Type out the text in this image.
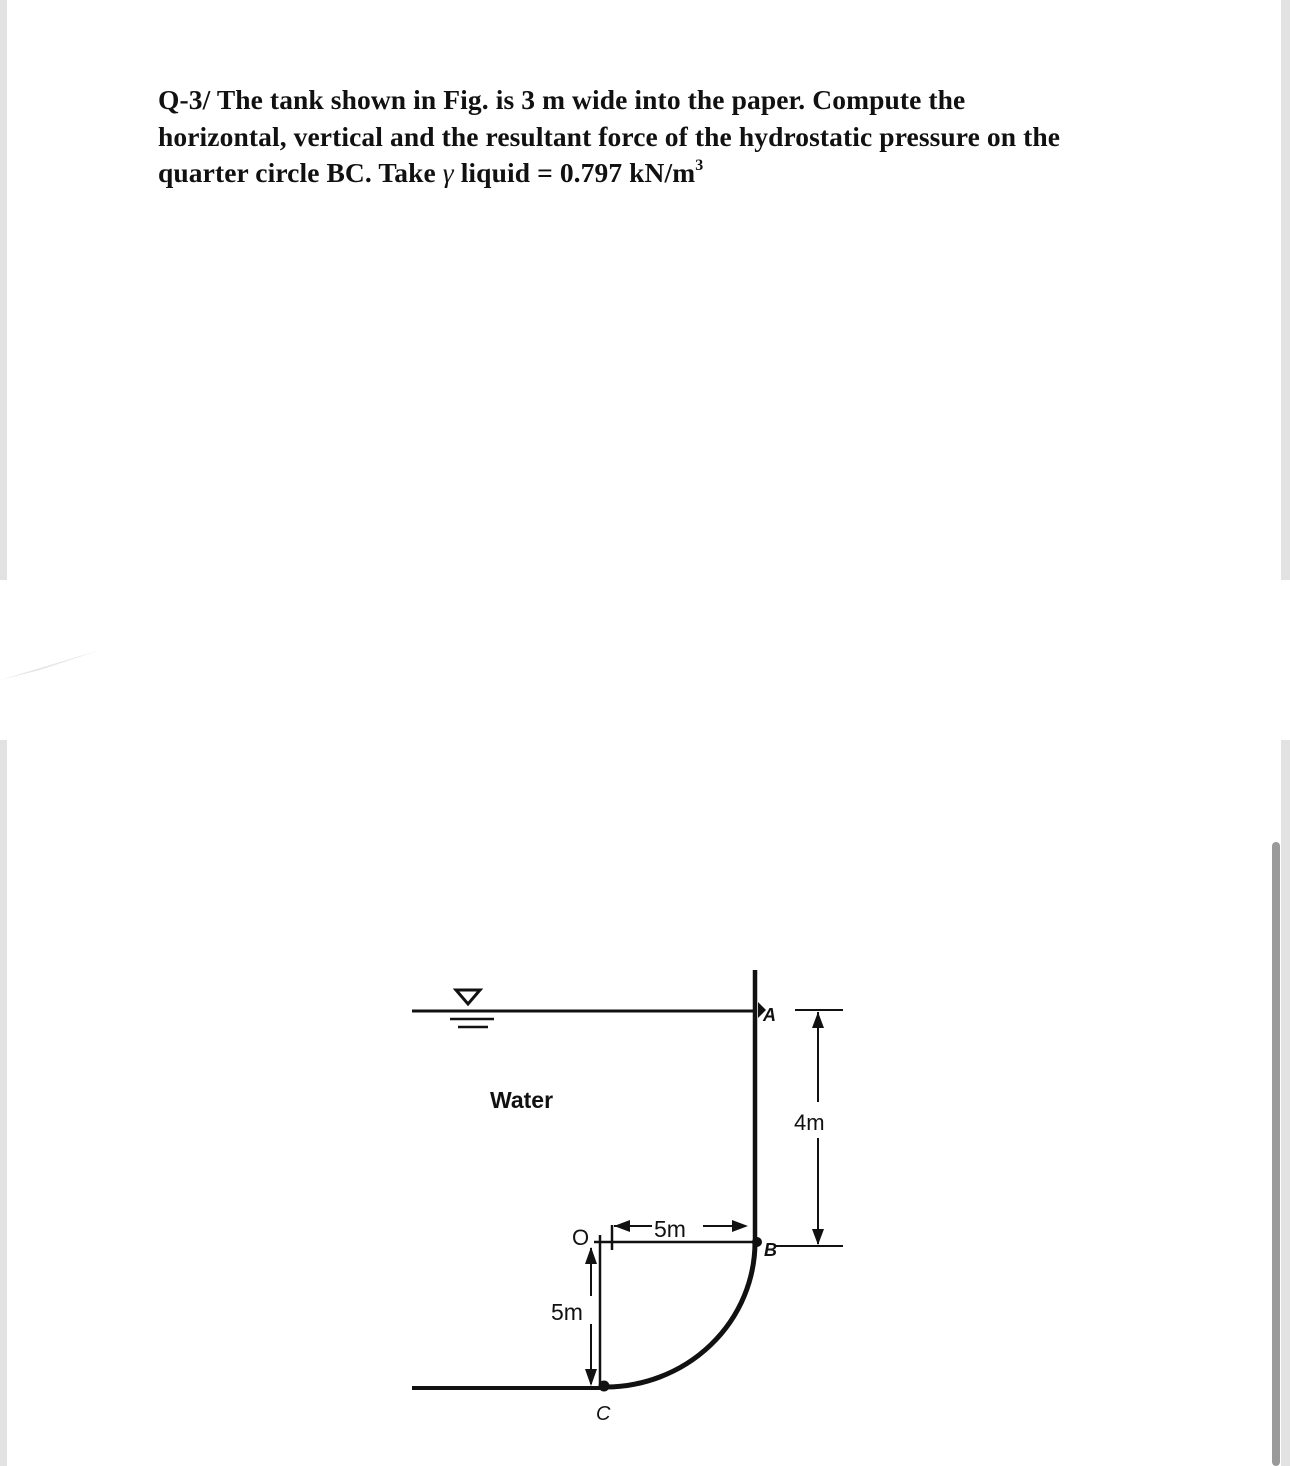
Q-3/ The tank shown in Fig. is 3 m wide into the paper. Compute the

horizontal, vertical and the resultant force of the hydrostatic pressure on the

quarter circle BC. Take γ liquid = 0.797 $kN/m^3$

Water
A
B
C
O	5m
5m
4m
